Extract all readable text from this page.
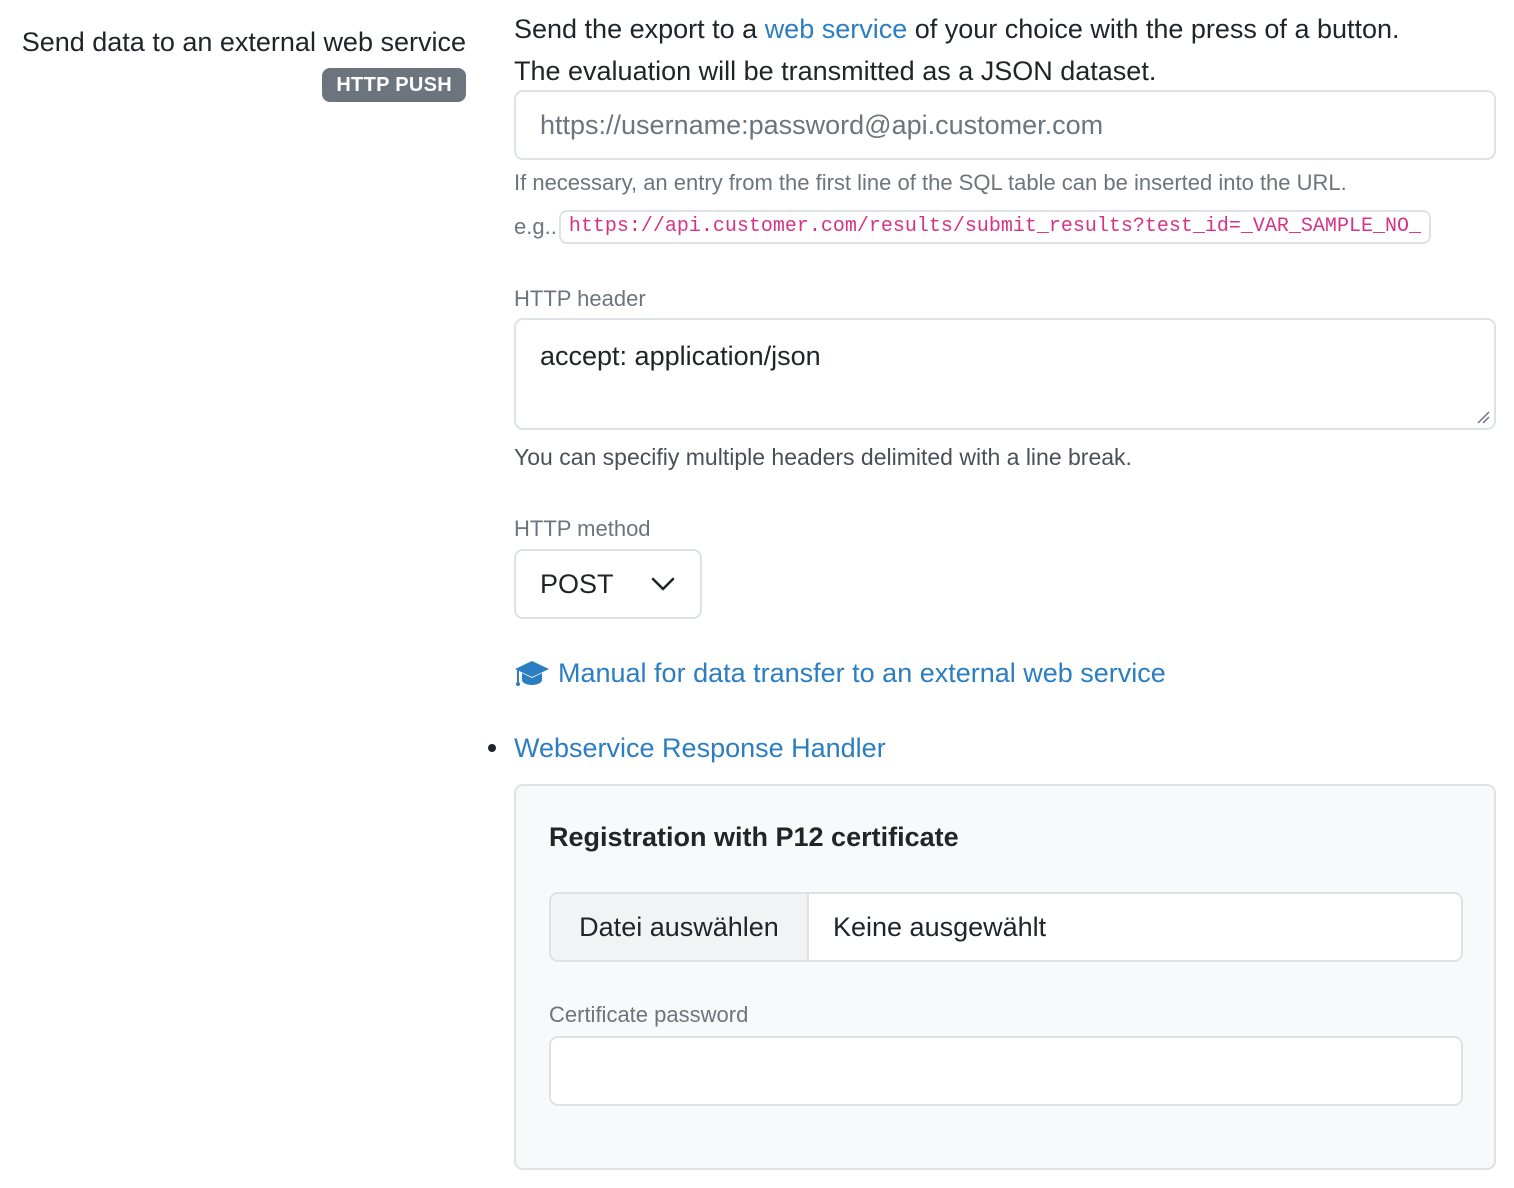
Send data to an external web service
HTTP PUSH
Send the export to a web service of your choice with the press of a button.
The evaluation will be transmitted as a JSON dataset.
https://username:password@api.customer.com
If necessary, an entry from the first line of the SQL table can be inserted into the URL.
e.g.. https://api.customer.com/results/submit_results?test_id=_VAR_SAMPLE_NO_
HTTP header
accept: application/json
You can specifiy multiple headers delimited with a line break.
HTTP method
POST
Manual for data transfer to an external web service
Webservice Response Handler
Registration with P12 certificate
Datei auswählen	Keine ausgewählt
Certificate password
